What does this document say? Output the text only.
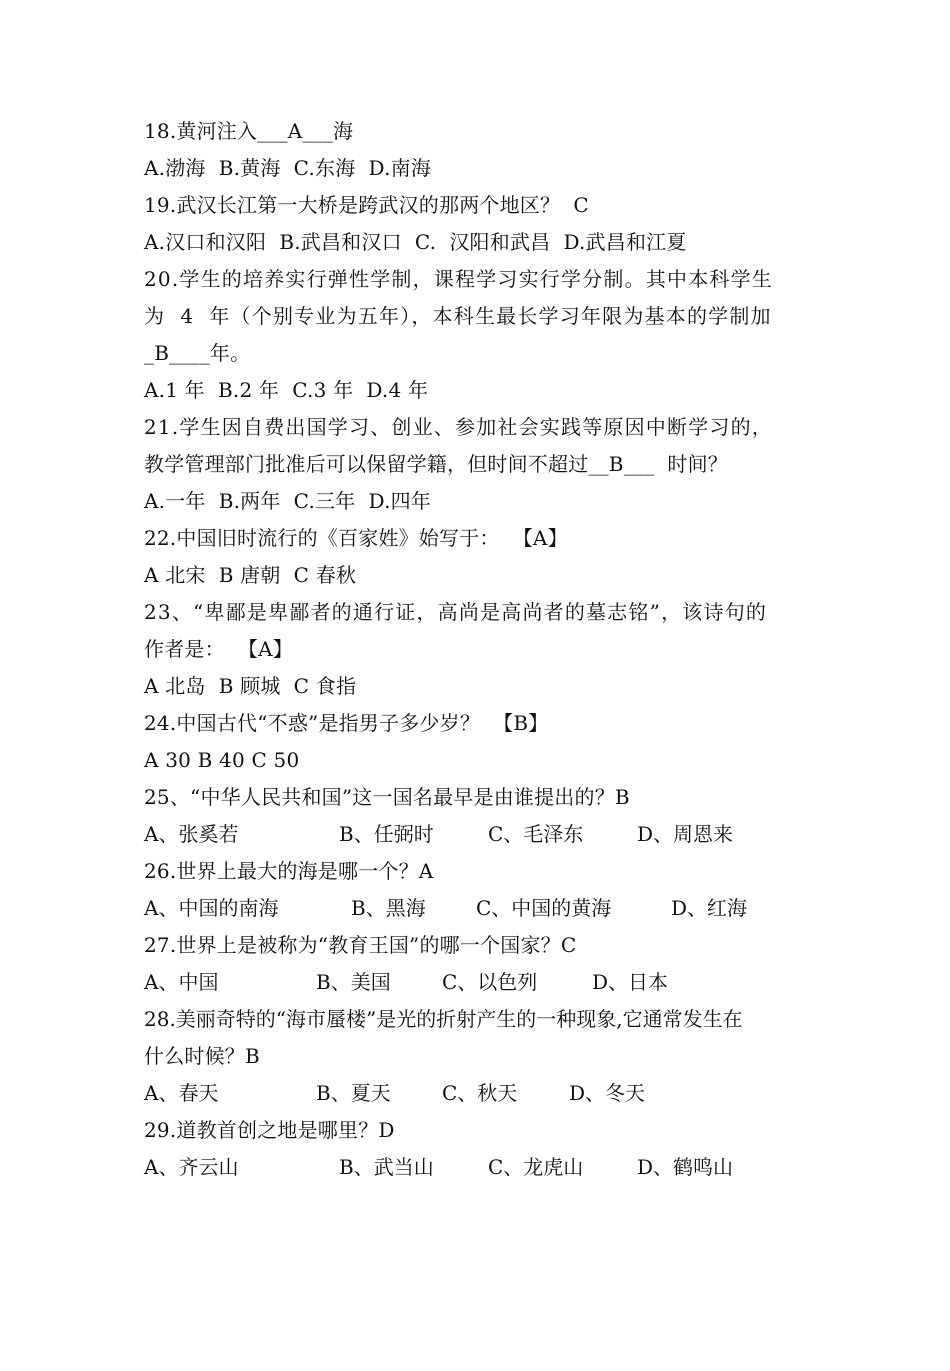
18.黄河注入___A___海
A.渤海  B.黄海  C.东海  D.南海
19.武汉长江第一大桥是跨武汉的那两个地区？  C
A.汉口和汉阳  B.武昌和汉口  C.  汉阳和武昌  D.武昌和江夏
20.学生的培养实行弹性学制，课程学习实行学分制。其中本科学生
为  4  年（个别专业为五年），本科生最长学习年限为基本的学制加
_B____年。
A.1 年  B.2 年  C.3 年  D.4 年
21.学生因自费出国学习、创业、参加社会实践等原因中断学习的，
教学管理部门批准后可以保留学籍，但时间不超过__B___  时间？
A.一年  B.两年  C.三年  D.四年
22.中国旧时流行的《百家姓》始写于：  【A】
A 北宋  B 唐朝  C 春秋
23、“卑鄙是卑鄙者的通行证，高尚是高尚者的墓志铭”，该诗句的
作者是：  【A】
A 北岛  B 顾城  C 食指
24.中国古代“不惑”是指男子多少岁？  【B】
A 30 B 40 C 50
25、“中华人民共和国”这一国名最早是由谁提出的？B

A、张奚若

	B、任弼时

	C、毛泽东

	D、周恩来

26.世界上最大的海是哪一个？A

A、中国的南海

	B、黑海

	C、中国的黄海

	D、红海

27.世界上是被称为“教育王国”的哪一个国家？C

A、中国

	B、美国

	C、以色列

	D、日本

28.美丽奇特的“海市蜃楼”是光的折射产生的一种现象,它通常发生在
什么时候？B

A、春天

	B、夏天

	C、秋天

	D、冬天

29.道教首创之地是哪里？D

A、齐云山

	B、武当山

	C、龙虎山

	D、鹤鸣山
